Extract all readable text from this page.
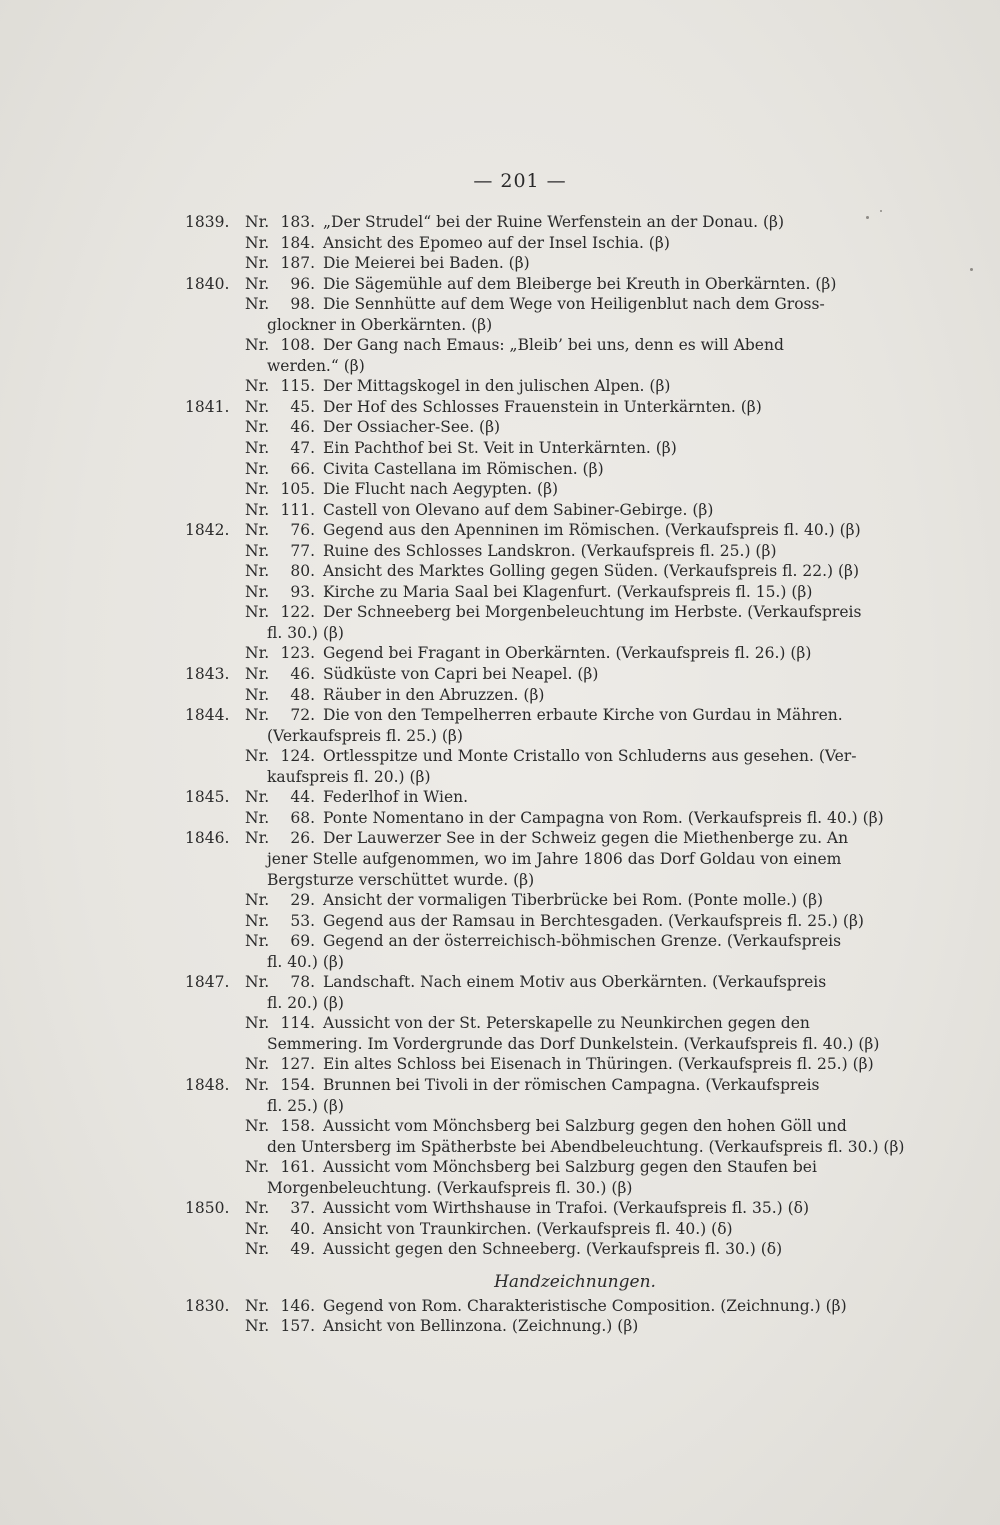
— 201 —
1839.	Nr. 183. „Der Strudel“ bei der Ruine Werfenstein an der Donau. (β)
Nr. 184. Ansicht des Epomeo auf der Insel Ischia. (β)
Nr. 187. Die Meierei bei Baden. (β)
1840.	Nr.	96. Die Sägemühle auf dem Bleiberge bei Kreuth in Oberkärnten. (β)
Nr.	98. Die Sennhütte auf dem Wege von Heiligenblut nach dem Gross-
glockner in Oberkärnten. (β)
Nr. 108. Der Gang nach Emaus: „Bleib’ bei uns, denn es will Abend
werden.“ (β)
Nr. 115. Der Mittagskogel in den julischen Alpen. (β)
1841.	Nr.	45. Der Hof des Schlosses Frauenstein in Unterkärnten. (β)
Nr.	46. Der Ossiacher-See. (β)
Nr.	47. Ein Pachthof bei St. Veit in Unterkärnten. (β)
Nr.	66. Civita Castellana im Römischen. (β)
Nr. 105. Die Flucht nach Aegypten. (β)
Nr. 111. Castell von Olevano auf dem Sabiner-Gebirge. (β)
1842.	Nr.	76. Gegend aus den Apenninen im Römischen. (Verkaufspreis fl. 40.) (β)
Nr.	77. Ruine des Schlosses Landskron. (Verkaufspreis fl. 25.) (β)
Nr.	80. Ansicht des Marktes Golling gegen Süden. (Verkaufspreis fl. 22.) (β)
Nr.	93. Kirche zu Maria Saal bei Klagenfurt. (Verkaufspreis fl. 15.) (β)
Nr. 122. Der Schneeberg bei Morgenbeleuchtung im Herbste. (Verkaufspreis
fl. 30.) (β)
Nr. 123. Gegend bei Fragant in Oberkärnten. (Verkaufspreis fl. 26.) (β)
1843.	Nr.	46. Südküste von Capri bei Neapel. (β)
Nr.	48. Räuber in den Abruzzen. (β)
1844.	Nr.	72. Die von den Tempelherren erbaute Kirche von Gurdau in Mähren.
(Verkaufspreis fl. 25.) (β)
Nr. 124. Ortlesspitze und Monte Cristallo von Schluderns aus gesehen. (Ver-
kaufspreis fl. 20.) (β)
1845.	Nr.	44. Federlhof in Wien.
Nr.	68. Ponte Nomentano in der Campagna von Rom. (Verkaufspreis fl. 40.) (β)
1846.	Nr.	26. Der Lauwerzer See in der Schweiz gegen die Miethenberge zu. An
jener Stelle aufgenommen, wo im Jahre 1806 das Dorf Goldau von einem
Bergsturze verschüttet wurde. (β)
Nr.	29. Ansicht der vormaligen Tiberbrücke bei Rom. (Ponte molle.) (β)
Nr.	53. Gegend aus der Ramsau in Berchtesgaden. (Verkaufspreis fl. 25.) (β)
Nr.	69. Gegend an der österreichisch-böhmischen Grenze. (Verkaufspreis
fl. 40.) (β)
1847.	Nr.	78. Landschaft. Nach einem Motiv aus Oberkärnten. (Verkaufspreis
fl. 20.) (β)
Nr. 114. Aussicht von der St. Peterskapelle zu Neunkirchen gegen den
Semmering. Im Vordergrunde das Dorf Dunkelstein. (Verkaufspreis fl. 40.) (β)
Nr. 127. Ein altes Schloss bei Eisenach in Thüringen. (Verkaufspreis fl. 25.) (β)
1848.	Nr. 154. Brunnen bei Tivoli in der römischen Campagna. (Verkaufspreis
fl. 25.) (β)
Nr. 158. Aussicht vom Mönchsberg bei Salzburg gegen den hohen Göll und
den Untersberg im Spätherbste bei Abendbeleuchtung. (Verkaufspreis fl. 30.) (β)
Nr. 161. Aussicht vom Mönchsberg bei Salzburg gegen den Staufen bei
Morgenbeleuchtung. (Verkaufspreis fl. 30.) (β)
1850.	Nr.	37. Aussicht vom Wirthshause in Trafoi. (Verkaufspreis fl. 35.) (δ)
Nr.	40. Ansicht von Traunkirchen. (Verkaufspreis fl. 40.) (δ)
Nr.	49. Aussicht gegen den Schneeberg. (Verkaufspreis fl. 30.) (δ)
Handzeichnungen.
1830.	Nr. 146. Gegend von Rom. Charakteristische Composition. (Zeichnung.) (β)
Nr. 157. Ansicht von Bellinzona. (Zeichnung.) (β)
